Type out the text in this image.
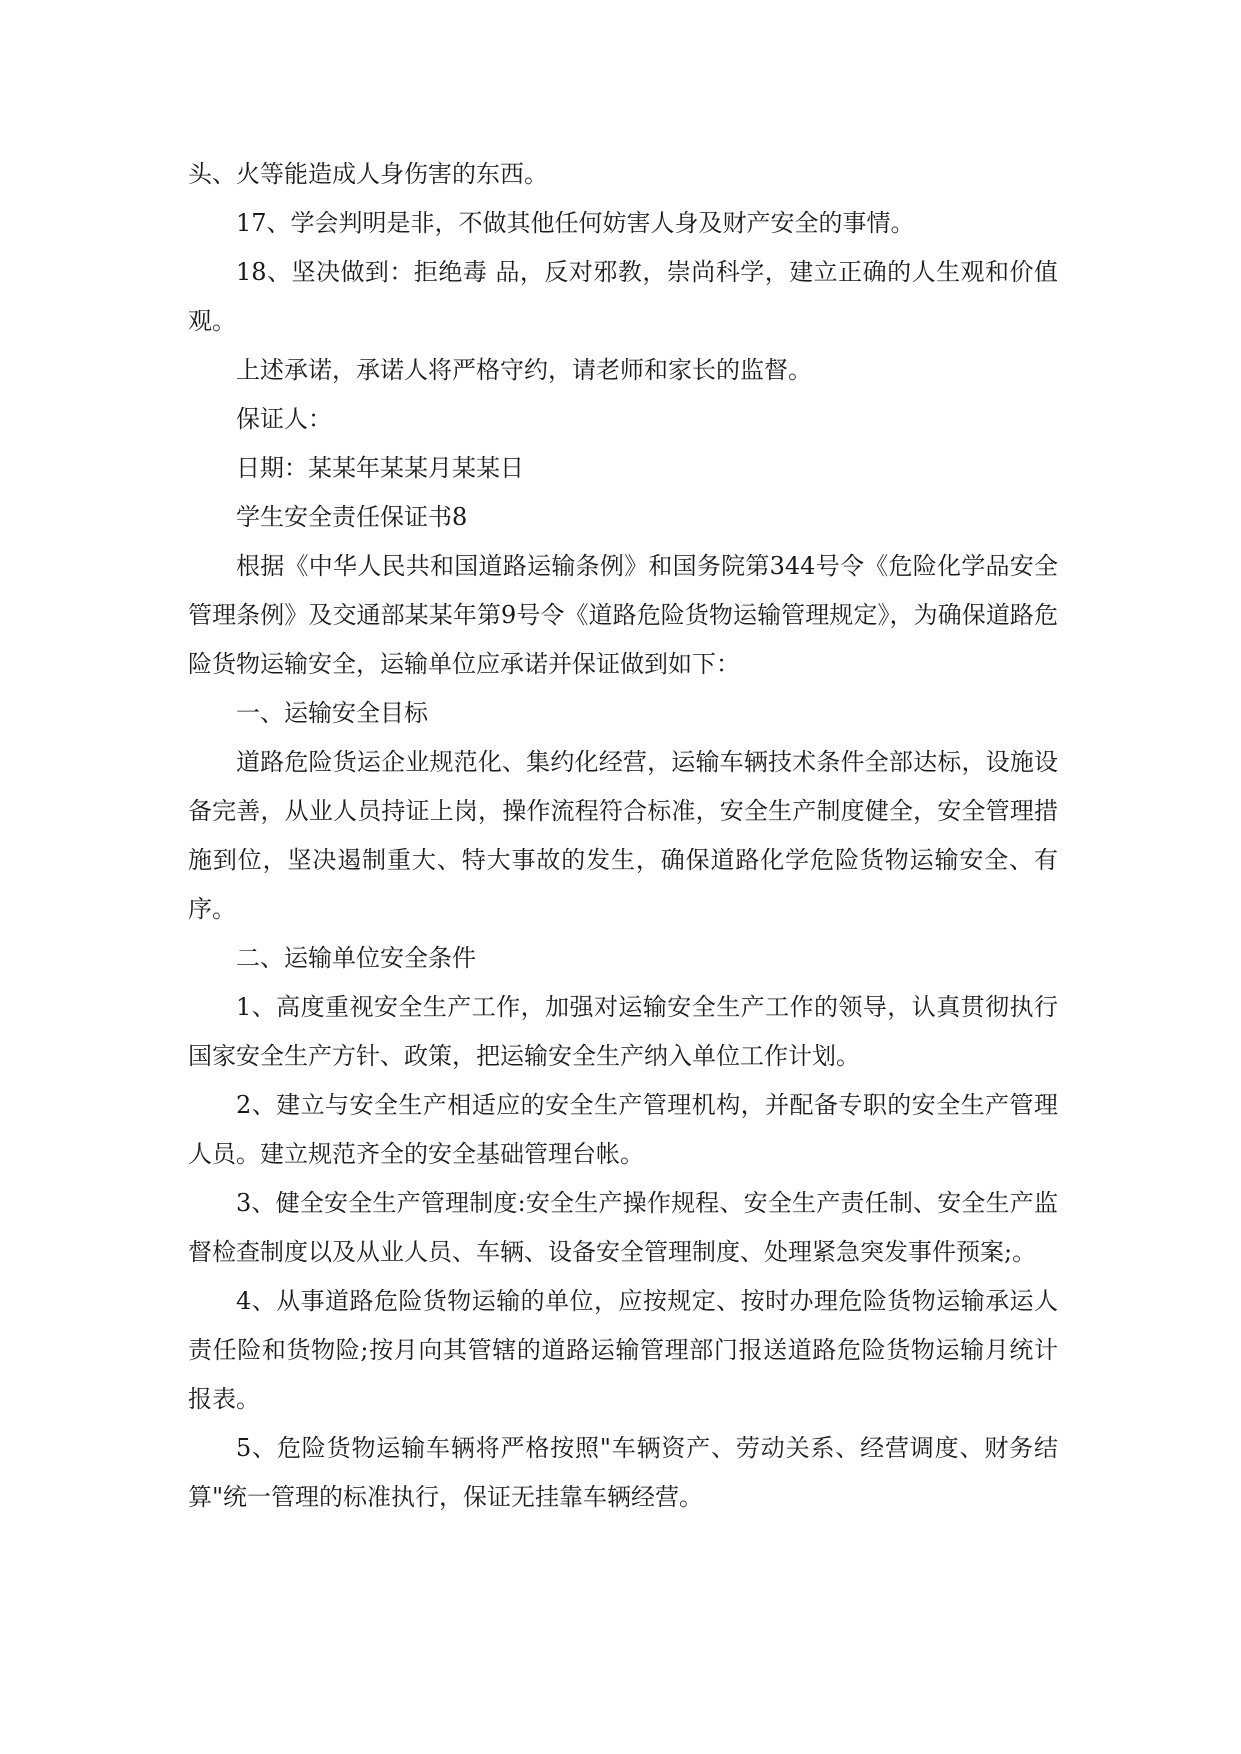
头、火等能造成人身伤害的东西。

17、学会判明是非，不做其他任何妨害人身及财产安全的事情。

18、坚决做到：拒绝毒 品，反对邪教，崇尚科学，建立正确的人生观和价值观。

上述承诺，承诺人将严格守约，请老师和家长的监督。

保证人：

日期：某某年某某月某某日

学生安全责任保证书8

根据《中华人民共和国道路运输条例》和国务院第344号令《危险化学品安全管理条例》及交通部某某年第9号令《道路危险货物运输管理规定》，为确保道路危险货物运输安全，运输单位应承诺并保证做到如下：

一、运输安全目标

道路危险货运企业规范化、集约化经营，运输车辆技术条件全部达标，设施设备完善，从业人员持证上岗，操作流程符合标准，安全生产制度健全，安全管理措施到位，坚决遏制重大、特大事故的发生，确保道路化学危险货物运输安全、有序。

二、运输单位安全条件

1、高度重视安全生产工作，加强对运输安全生产工作的领导，认真贯彻执行国家安全生产方针、政策，把运输安全生产纳入单位工作计划。

2、建立与安全生产相适应的安全生产管理机构，并配备专职的安全生产管理人员。建立规范齐全的安全基础管理台帐。

3、健全安全生产管理制度:安全生产操作规程、安全生产责任制、安全生产监督检查制度以及从业人员、车辆、设备安全管理制度、处理紧急突发事件预案;。

4、从事道路危险货物运输的单位，应按规定、按时办理危险货物运输承运人责任险和货物险;按月向其管辖的道路运输管理部门报送道路危险货物运输月统计报表。

5、危险货物运输车辆将严格按照"车辆资产、劳动关系、经营调度、财务结算"统一管理的标准执行，保证无挂靠车辆经营。
